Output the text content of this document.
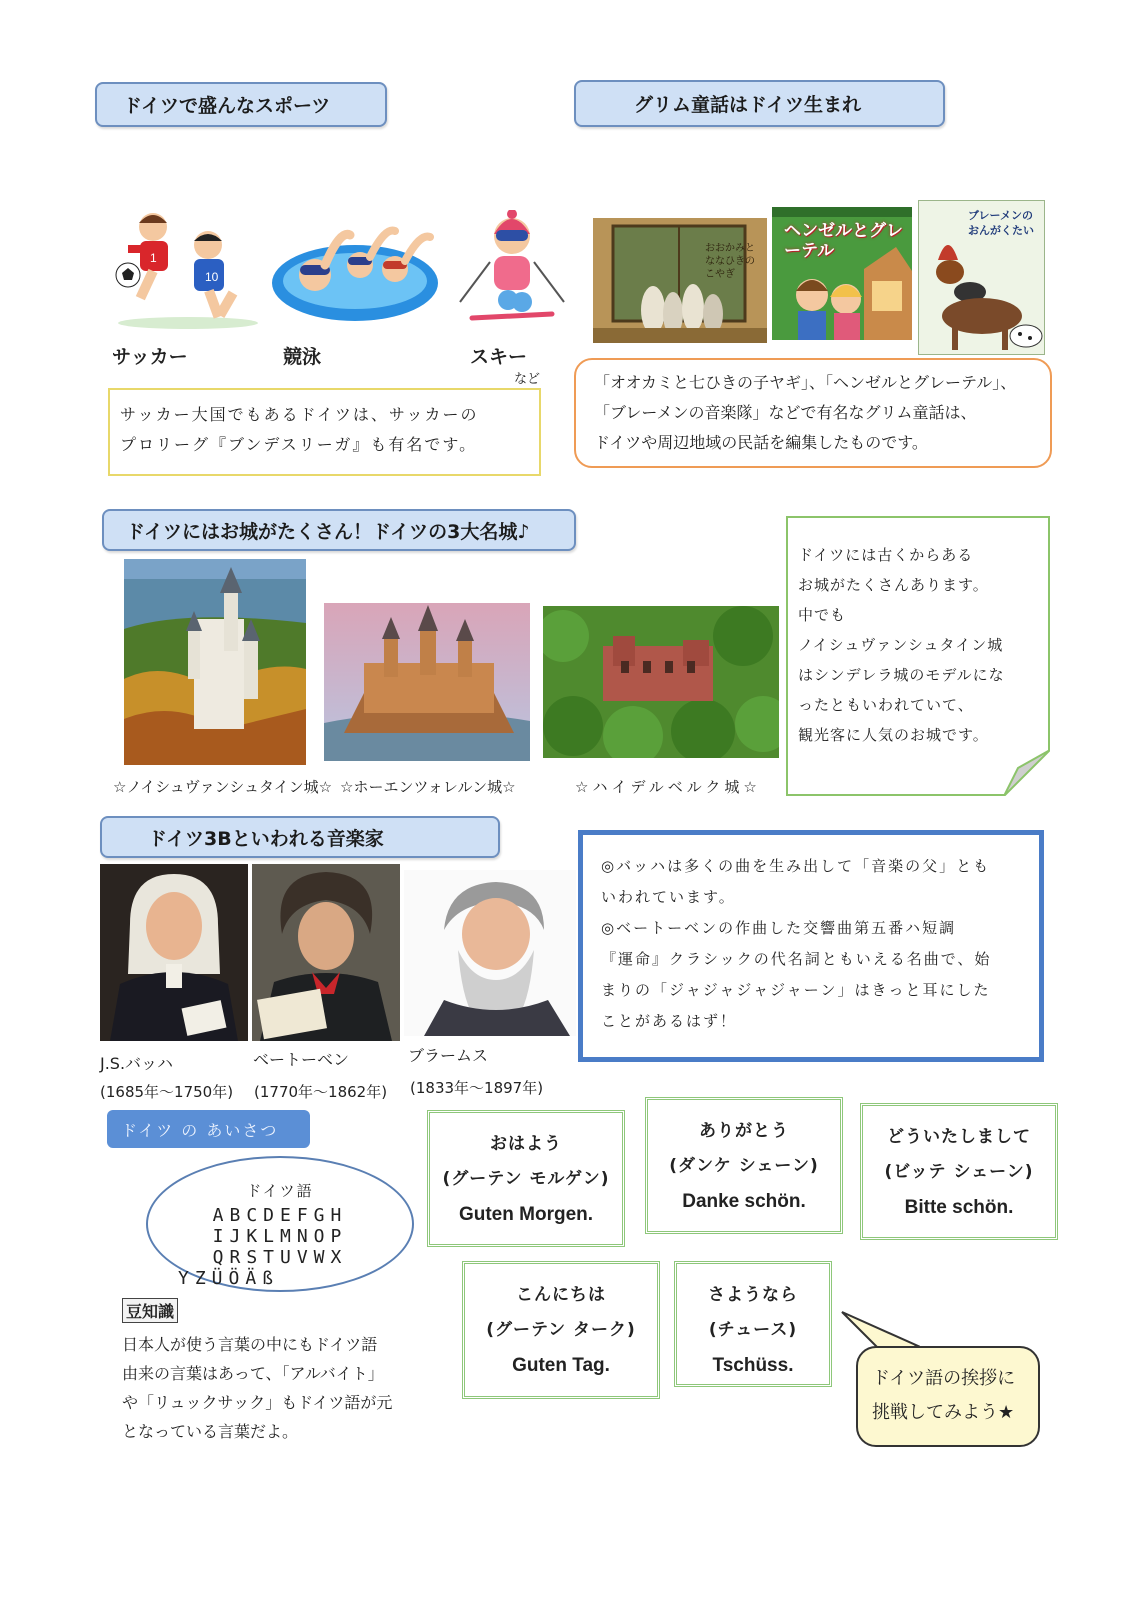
ドイツで盛んなスポーツ
1
10
サッカー	競泳	スキー
など
サッカー大国でもあるドイツは、サッカーの
プロリーグ『ブンデスリーガ』も有名です。
グリム童話はドイツ生まれ
おおかみとななひきのこやぎ
ヘンゼルとグレーテル
ブレーメンのおんがくたい
「オオカミと七ひきの子ヤギ」、「ヘンゼルとグレーテル」、
「ブレーメンの音楽隊」などで有名なグリム童話は、
ドイツや周辺地域の民話を編集したものです。
ドイツにはお城がたくさん！ドイツの3大名城♪
☆ノイシュヴァンシュタイン城☆ ☆ホーエンツォレルン城☆	☆ハイデルベルク城☆
ドイツには古くからある
お城がたくさんあります。
中でも
ノイシュヴァンシュタイン城
はシンデレラ城のモデルにな
ったともいわれていて、
観光客に人気のお城です。
ドイツ3Bといわれる音楽家
J.S.バッハ	ベートーベン	ブラームス
(1685年〜1750年) (1770年〜1862年) (1833年〜1897年)
◎バッハは多くの曲を生み出して「音楽の父」とも
いわれています。
◎ベートーベンの作曲した交響曲第五番ハ短調
『運命』クラシックの代名詞ともいえる名曲で、始
まりの「ジャジャジャジャーン」はきっと耳にした
ことがあるはず！
ドイツ の あいさつ
ドイツ語
ABCDEFGH
IJKLMNOP
QRSTUVWX
YZÜÖÄß
豆知識
日本人が使う言葉の中にもドイツ語
由来の言葉はあって、「アルバイト」
や「リュックサック」もドイツ語が元
となっている言葉だよ。
おはよう
(グーテン モルゲン)
Guten Morgen.
ありがとう
(ダンケ シェーン)
Danke schön.
どういたしまして
(ビッテ シェーン)
Bitte schön.
こんにちは
(グーテン ターク)
Guten Tag.
さようなら
(チュース)
Tschüss.
ドイツ語の挨拶に
挑戦してみよう★
